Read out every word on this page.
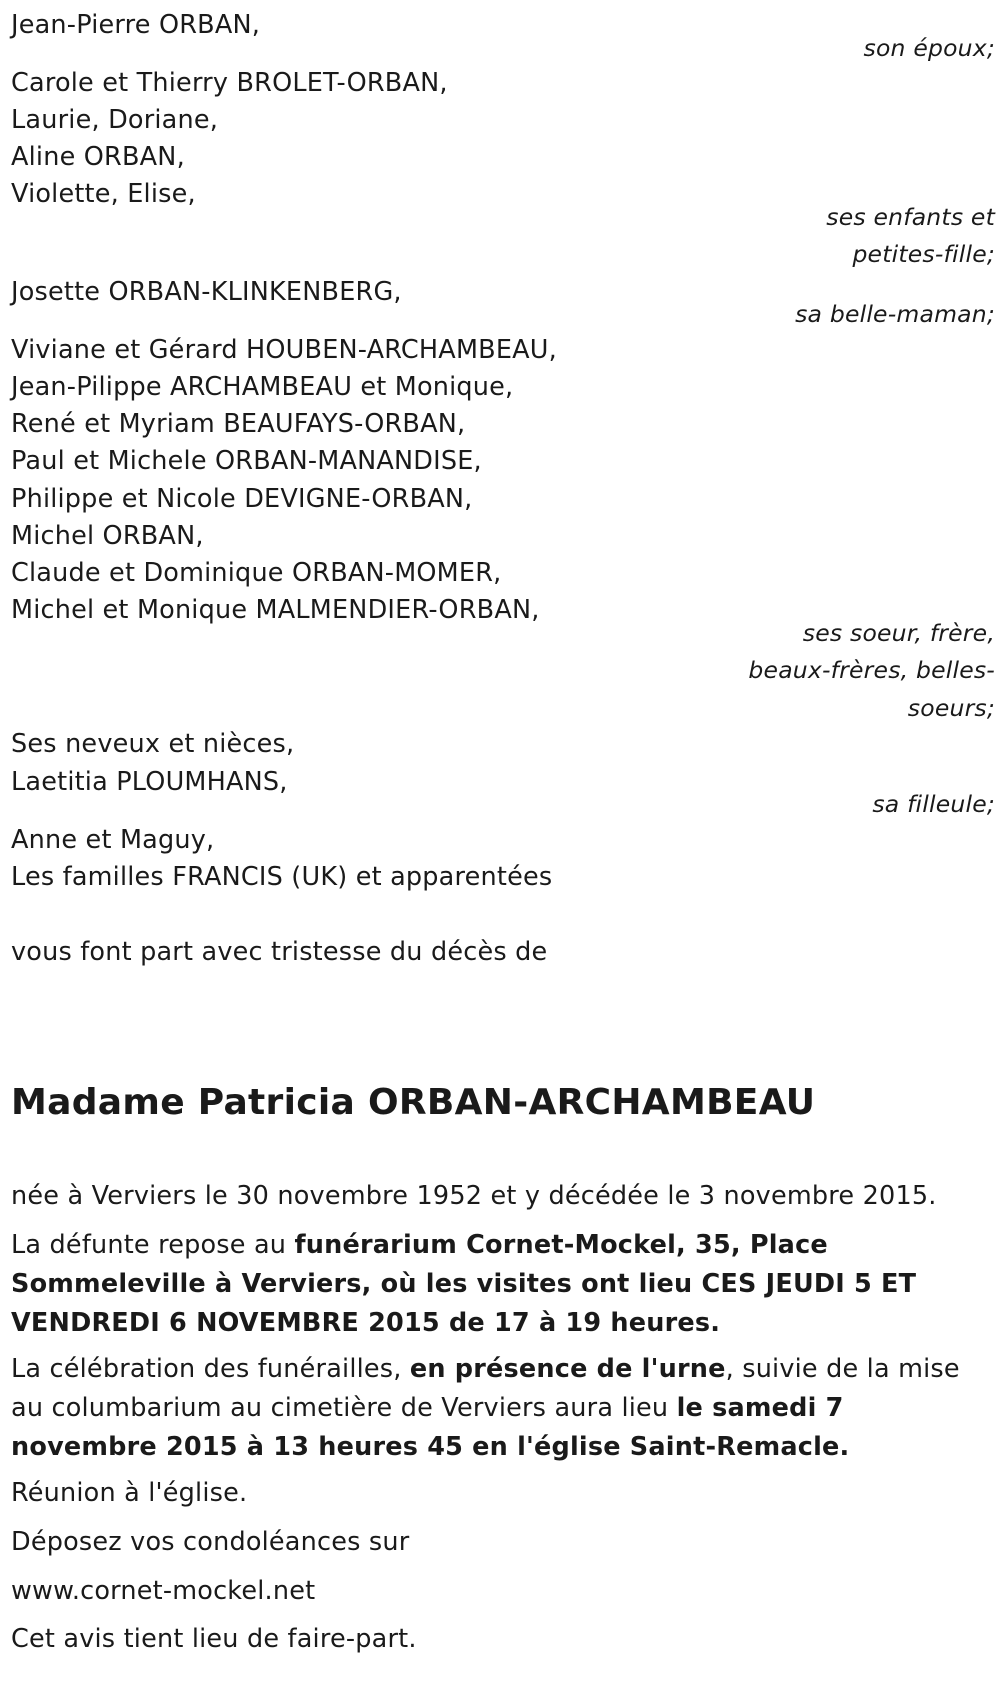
Jean-Pierre ORBAN,
son époux;
Carole et Thierry BROLET-ORBAN,
Laurie, Doriane,
Aline ORBAN,
Violette, Elise,
ses enfants et
petites-fille;
Josette ORBAN-KLINKENBERG,
sa belle-maman;
Viviane et Gérard HOUBEN-ARCHAMBEAU,
Jean-Pilippe ARCHAMBEAU et Monique,
René et Myriam BEAUFAYS-ORBAN,
Paul et Michele ORBAN-MANANDISE,
Philippe et Nicole DEVIGNE-ORBAN,
Michel ORBAN,
Claude et Dominique ORBAN-MOMER,
Michel et Monique MALMENDIER-ORBAN,
ses soeur, frère,
beaux-frères, belles-
soeurs;
Ses neveux et nièces,
Laetitia PLOUMHANS,
sa filleule;
Anne et Maguy,
Les familles FRANCIS (UK) et apparentées
vous font part avec tristesse du décès de
Madame Patricia ORBAN-ARCHAMBEAU
née à Verviers le 30 novembre 1952 et y décédée le 3 novembre 2015.
La défunte repose au funérarium Cornet-Mockel, 35, Place Sommeleville à Verviers, où les visites ont lieu CES JEUDI 5 ET VENDREDI 6 NOVEMBRE 2015 de 17 à 19 heures.
La célébration des funérailles, en présence de l'urne, suivie de la mise au columbarium au cimetière de Verviers aura lieu le samedi 7 novembre 2015 à 13 heures 45 en l'église Saint-Remacle.
Réunion à l'église.
Déposez vos condoléances sur
www.cornet-mockel.net
Cet avis tient lieu de faire-part.
